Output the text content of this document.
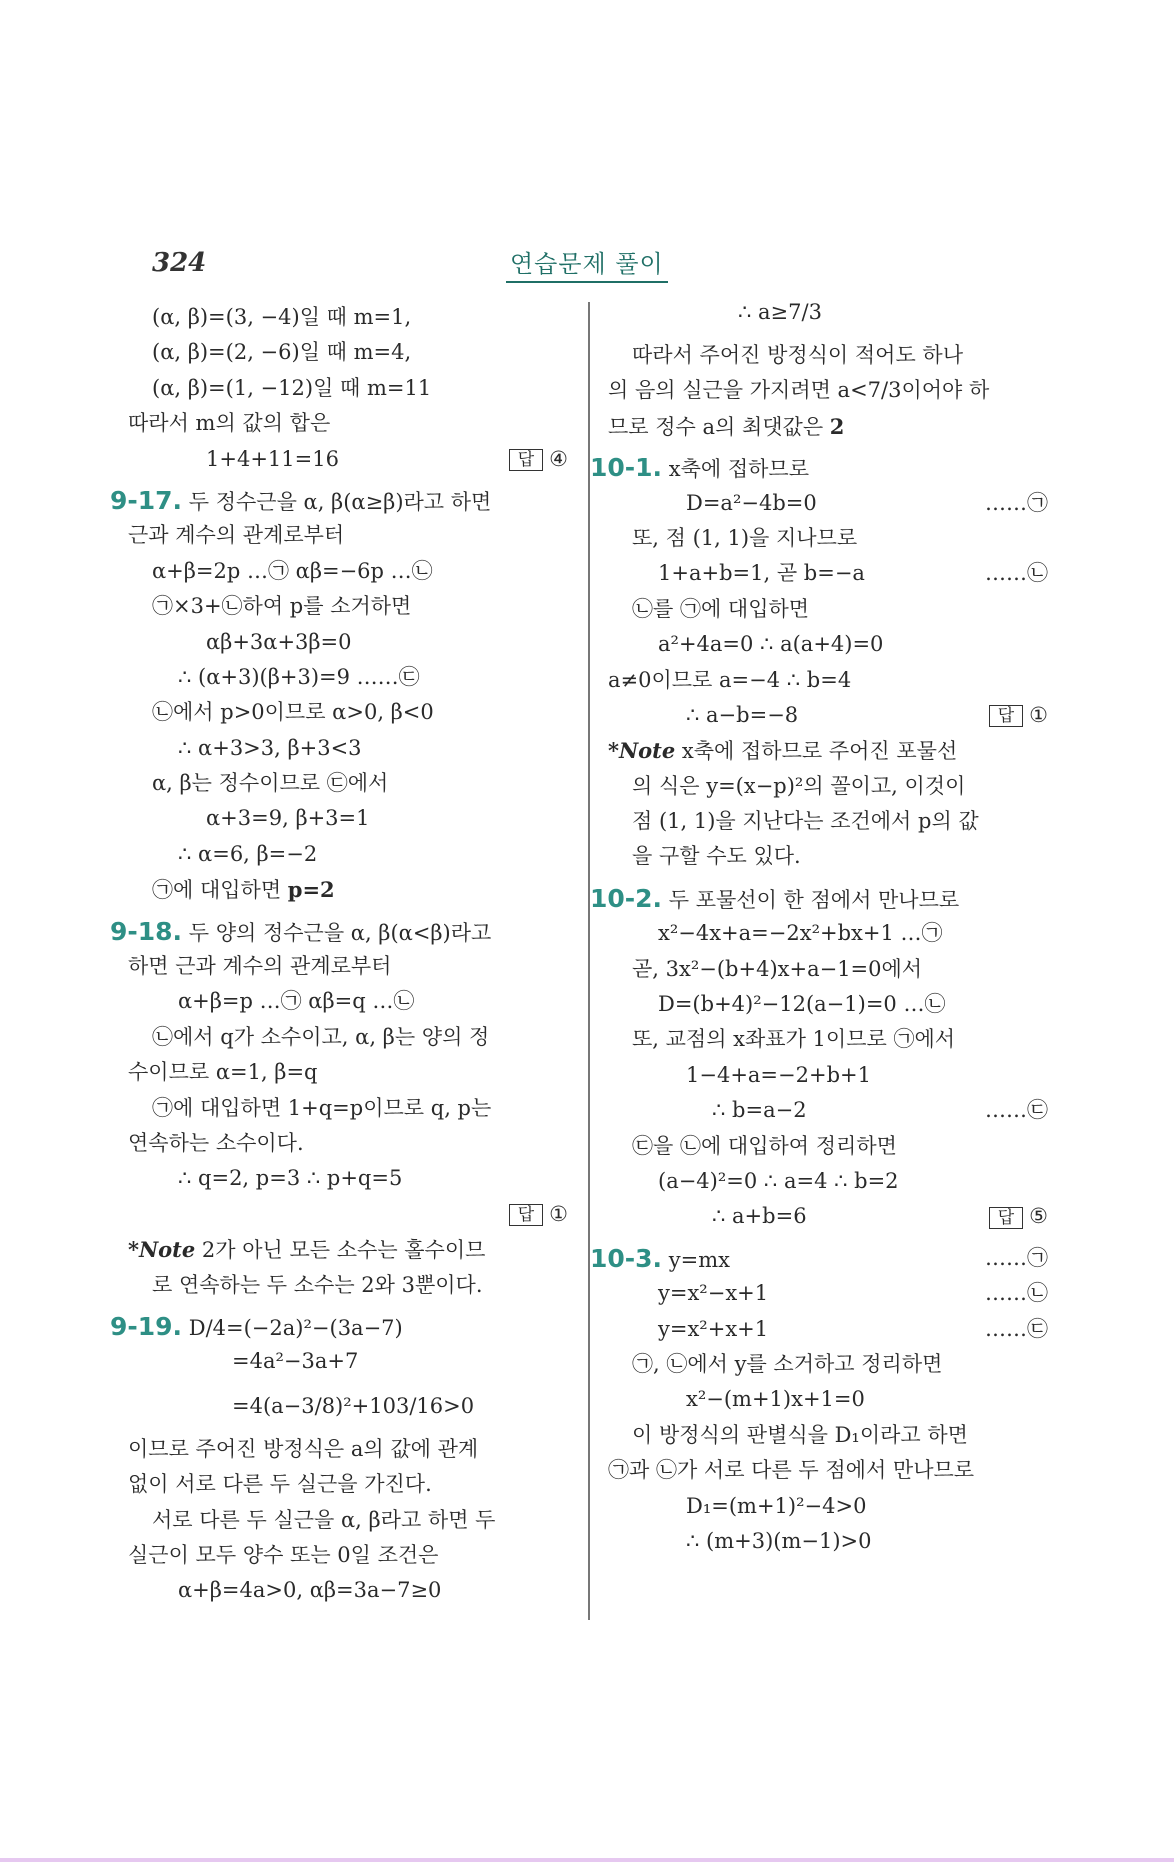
324	연습문제 풀이
(α, β)=(3, −4)일 때 m=1,
(α, β)=(2, −6)일 때 m=4,
(α, β)=(1, −12)일 때 m=11
따라서 m의 값의 합은
1+4+11=16	답 ④
9-17. 두 정수근을 α, β(α≥β)라고 하면
근과 계수의 관계로부터
α+β=2p …㉠ αβ=−6p …㉡
㉠×3+㉡하여 p를 소거하면
αβ+3α+3β=0
∴ (α+3)(β+3)=9 ……㉢
㉡에서 p>0이므로 α>0, β<0
∴ α+3>3, β+3<3
α, β는 정수이므로 ㉢에서
α+3=9, β+3=1
∴ α=6, β=−2
㉠에 대입하면 p=2
9-18. 두 양의 정수근을 α, β(α<β)라고
하면 근과 계수의 관계로부터
α+β=p …㉠ αβ=q …㉡
㉡에서 q가 소수이고, α, β는 양의 정
수이므로 α=1, β=q
㉠에 대입하면 1+q=p이므로 q, p는
연속하는 소수이다.
∴ q=2, p=3 ∴ p+q=5
답 ①
*Note 2가 아닌 모든 소수는 홀수이므
로 연속하는 두 소수는 2와 3뿐이다.
9-19. D/4=(−2a)²−(3a−7)
=4a²−3a+7
=4(a−3/8)²+103/16>0
이므로 주어진 방정식은 a의 값에 관계
없이 서로 다른 두 실근을 가진다.
서로 다른 두 실근을 α, β라고 하면 두
실근이 모두 양수 또는 0일 조건은
α+β=4a>0, αβ=3a−7≥0
∴ a≥7/3
따라서 주어진 방정식이 적어도 하나
의 음의 실근을 가지려면 a<7/3이어야 하
므로 정수 a의 최댓값은 2
10-1. x축에 접하므로
D=a²−4b=0	……㉠
또, 점 (1, 1)을 지나므로
1+a+b=1, 곧 b=−a	……㉡
㉡를 ㉠에 대입하면
a²+4a=0 ∴ a(a+4)=0
a≠0이므로 a=−4 ∴ b=4
∴ a−b=−8	답 ①
*Note x축에 접하므로 주어진 포물선
의 식은 y=(x−p)²의 꼴이고, 이것이
점 (1, 1)을 지난다는 조건에서 p의 값
을 구할 수도 있다.
10-2. 두 포물선이 한 점에서 만나므로
x²−4x+a=−2x²+bx+1 …㉠
곧, 3x²−(b+4)x+a−1=0에서
D=(b+4)²−12(a−1)=0 …㉡
또, 교점의 x좌표가 1이므로 ㉠에서
1−4+a=−2+b+1
∴ b=a−2	……㉢
㉢을 ㉡에 대입하여 정리하면
(a−4)²=0 ∴ a=4 ∴ b=2
∴ a+b=6	답 ⑤
10-3. y=mx	……㉠
y=x²−x+1	……㉡
y=x²+x+1	……㉢
㉠, ㉡에서 y를 소거하고 정리하면
x²−(m+1)x+1=0
이 방정식의 판별식을 D₁이라고 하면
㉠과 ㉡가 서로 다른 두 점에서 만나므로
D₁=(m+1)²−4>0
∴ (m+3)(m−1)>0
